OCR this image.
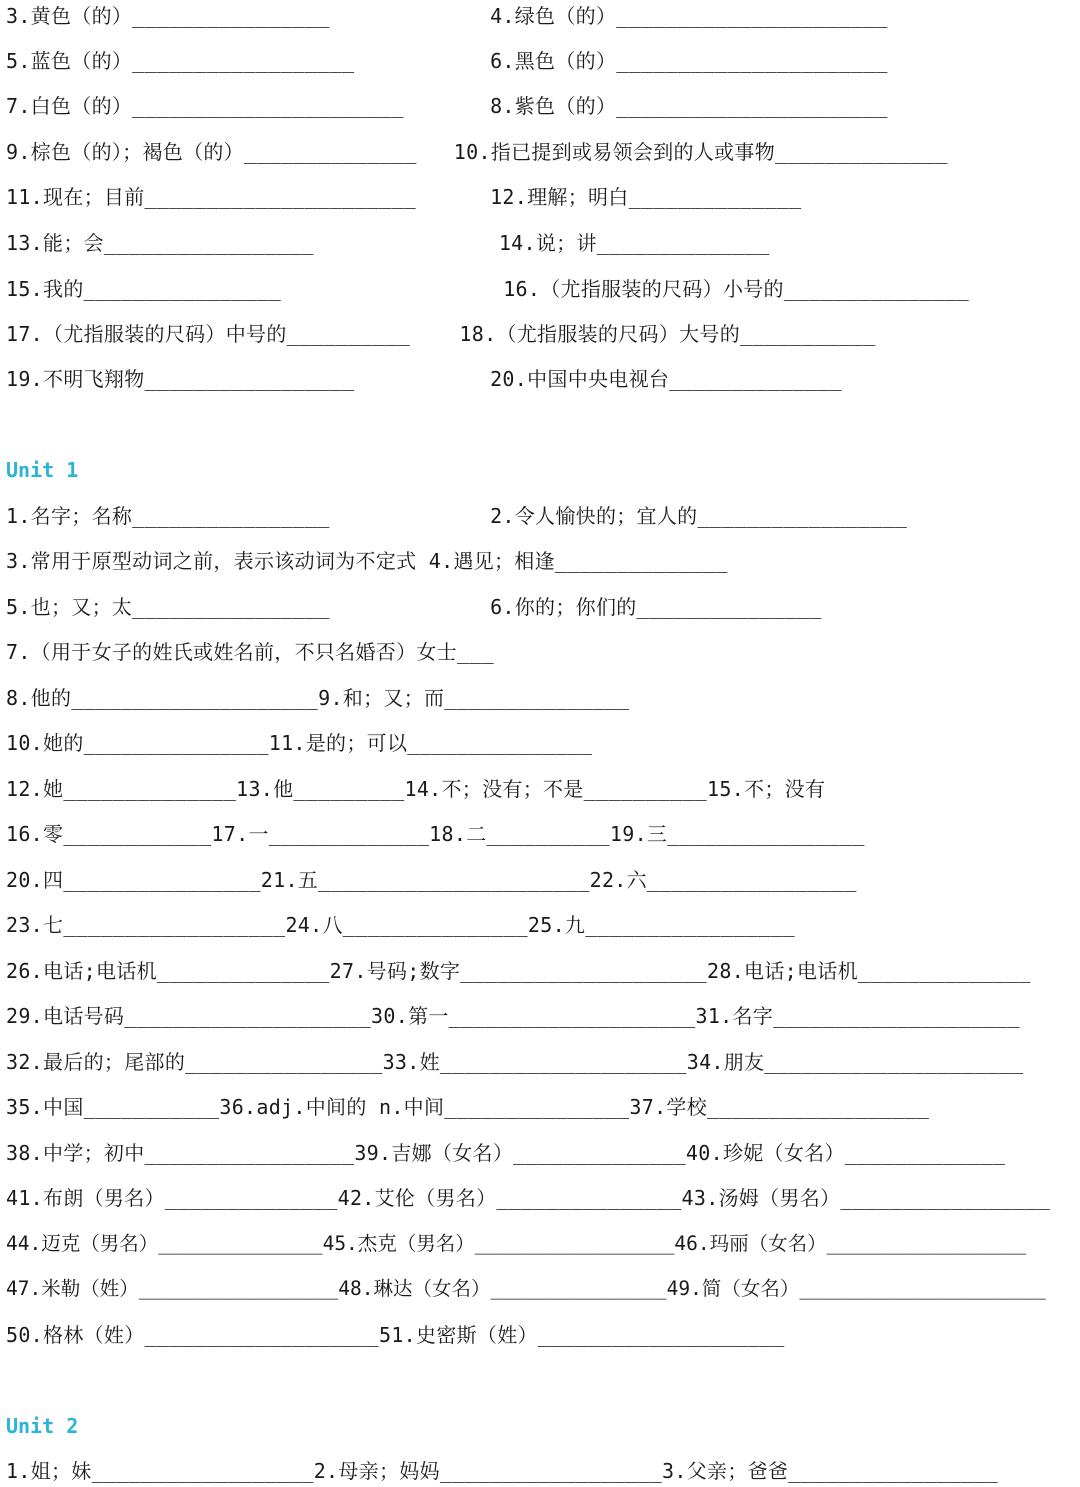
3.黄色（的）________________             4.绿色（的）______________________
5.蓝色（的）__________________           6.黑色（的）______________________
7.白色（的）______________________       8.紫色（的）______________________
9.棕色（的）；褐色（的）______________   10.指已提到或易领会到的人或事物______________
11.现在；目前______________________      12.理解；明白______________
13.能；会_________________               14.说；讲______________
15.我的________________                  16.（尤指服装的尺码）小号的_______________
17.（尤指服装的尺码）中号的__________    18.（尤指服装的尺码）大号的___________
19.不明飞翔物_________________           20.中国中央电视台______________
Unit 1
1.名字；名称________________             2.令人愉快的；宜人的_________________
3.常用于原型动词之前，表示该动词为不定式 4.遇见；相逢______________
5.也；又；太________________             6.你的；你们的_______________
7.（用于女子的姓氏或姓名前，不只名婚否）女士___
8.他的____________________9.和；又；而_______________
10.她的_______________11.是的；可以_______________
12.她______________13.他_________14.不；没有；不是__________15.不；没有
16.零____________17.一_____________18.二__________19.三________________
20.四________________21.五______________________22.六_________________
23.七__________________24.八_______________25.九_________________
26.电话;电话机______________27.号码;数字____________________28.电话;电话机______________
29.电话号码____________________30.第一____________________31.名字____________________
32.最后的；尾部的________________33.姓____________________34.朋友_____________________
35.中国___________36.adj.中间的 n.中间_______________37.学校__________________
38.中学；初中_________________39.吉娜（女名）______________40.珍妮（女名）_____________
41.布朗（男名）______________42.艾伦（男名）_______________43.汤姆（男名）_________________
44.迈克（男名）______________45.杰克（男名）_________________46.玛丽（女名）_________________
47.米勒（姓）_________________48.琳达（女名）_______________49.简（女名）_____________________
50.格林（姓）___________________51.史密斯（姓）____________________
Unit 2
1.姐；妹__________________2.母亲；妈妈__________________3.父亲；爸爸_________________
